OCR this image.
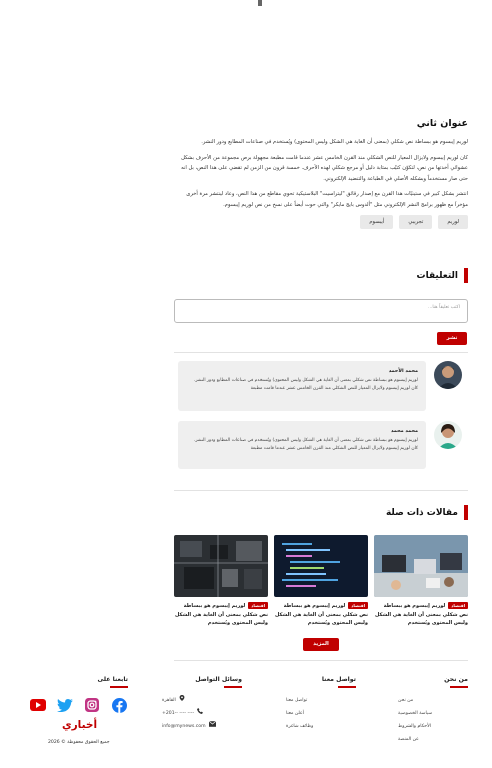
عنوان ثاني

لوريم إيبسوم هو ببساطة نص شكلي (بمعنى أن الغاية هي الشكل وليس المحتوى) ويُستخدم في صناعات المطابع ودور النشر.

كان لوريم إيبسوم ولايزال المعيار للنص الشكلي منذ القرن الخامس عشر عندما قامت مطبعة مجهولة برص مجموعة من الأحرف بشكل عشوائي أخذتها من نص، لتكوّن كتيّب بمثابة دليل أو مرجع شكلي لهذه الأحرف. خمسة قرون من الزمن لم تقضي على هذا النص، بل انه حتى صار مستخدماً وبشكله الأصلي في الطباعة والتنضيد الإلكتروني.

انتشر بشكل كبير في ستينيّات هذا القرن مع إصدار رقائق "ليتراسيت" البلاستيكية تحوي مقاطع من هذا النص، وعاد لينتشر مرة أخرى مؤخراَ مع ظهور برامج النشر الإلكتروني مثل "ألدوس بايج مايكر" والتي حوت أيضاً على نسخ من نص لوريم إيبسوم.

لوريم
تجريبي
أيبسوم
التعليقات
اكتب تعليقاً هنا...
نشر
محمد الأحمد
لوريم إيبسوم هو ببساطة نص شكلي بمعنى أن الغاية هي الشكل وليس المحتوى) ويُستخدم في صناعات المطابع ودور النشر. كان لوريم إيبسوم ولايزال المعيار للنص الشكلي منذ القرن الخامس عشر عندما قامت مطبعة
محمد محمد
لوريم إيبسوم هو ببساطة نص شكلي بمعنى أن الغاية هي الشكل وليس المحتوى) ويُستخدم في صناعات المطابع ودور النشر. كان لوريم إيبسوم ولايزال المعيار للنص الشكلي منذ القرن الخامس عشر عندما قامت مطبعة
مقالات ذات صلة
اقتصادلوريم إيبسوم هو ببساطة نص شكلي بمعنى أن الغاية هي الشكل وليس المحتوى ويُستخدم
اقتصادلوريم إيبسوم هو ببساطة نص شكلي بمعنى أن الغاية هي الشكل وليس المحتوى ويُستخدم
اقتصادلوريم إيبسوم هو ببساطة نص شكلي بمعنى أن الغاية هي الشكل وليس المحتوى ويُستخدم
المزيد
من نحن
من نحن
سياسة الخصوصية
الأحكام والشروط
عن المنصة
تواصل معنا
تواصل معنا
أعلن معنا
وظائف شاغرة
وسائل التواصل
القاهرة
+201-- ---- ----
info@mynews.com
تابعنا على
أخباري
جميع الحقوق محفوظة © 2026
